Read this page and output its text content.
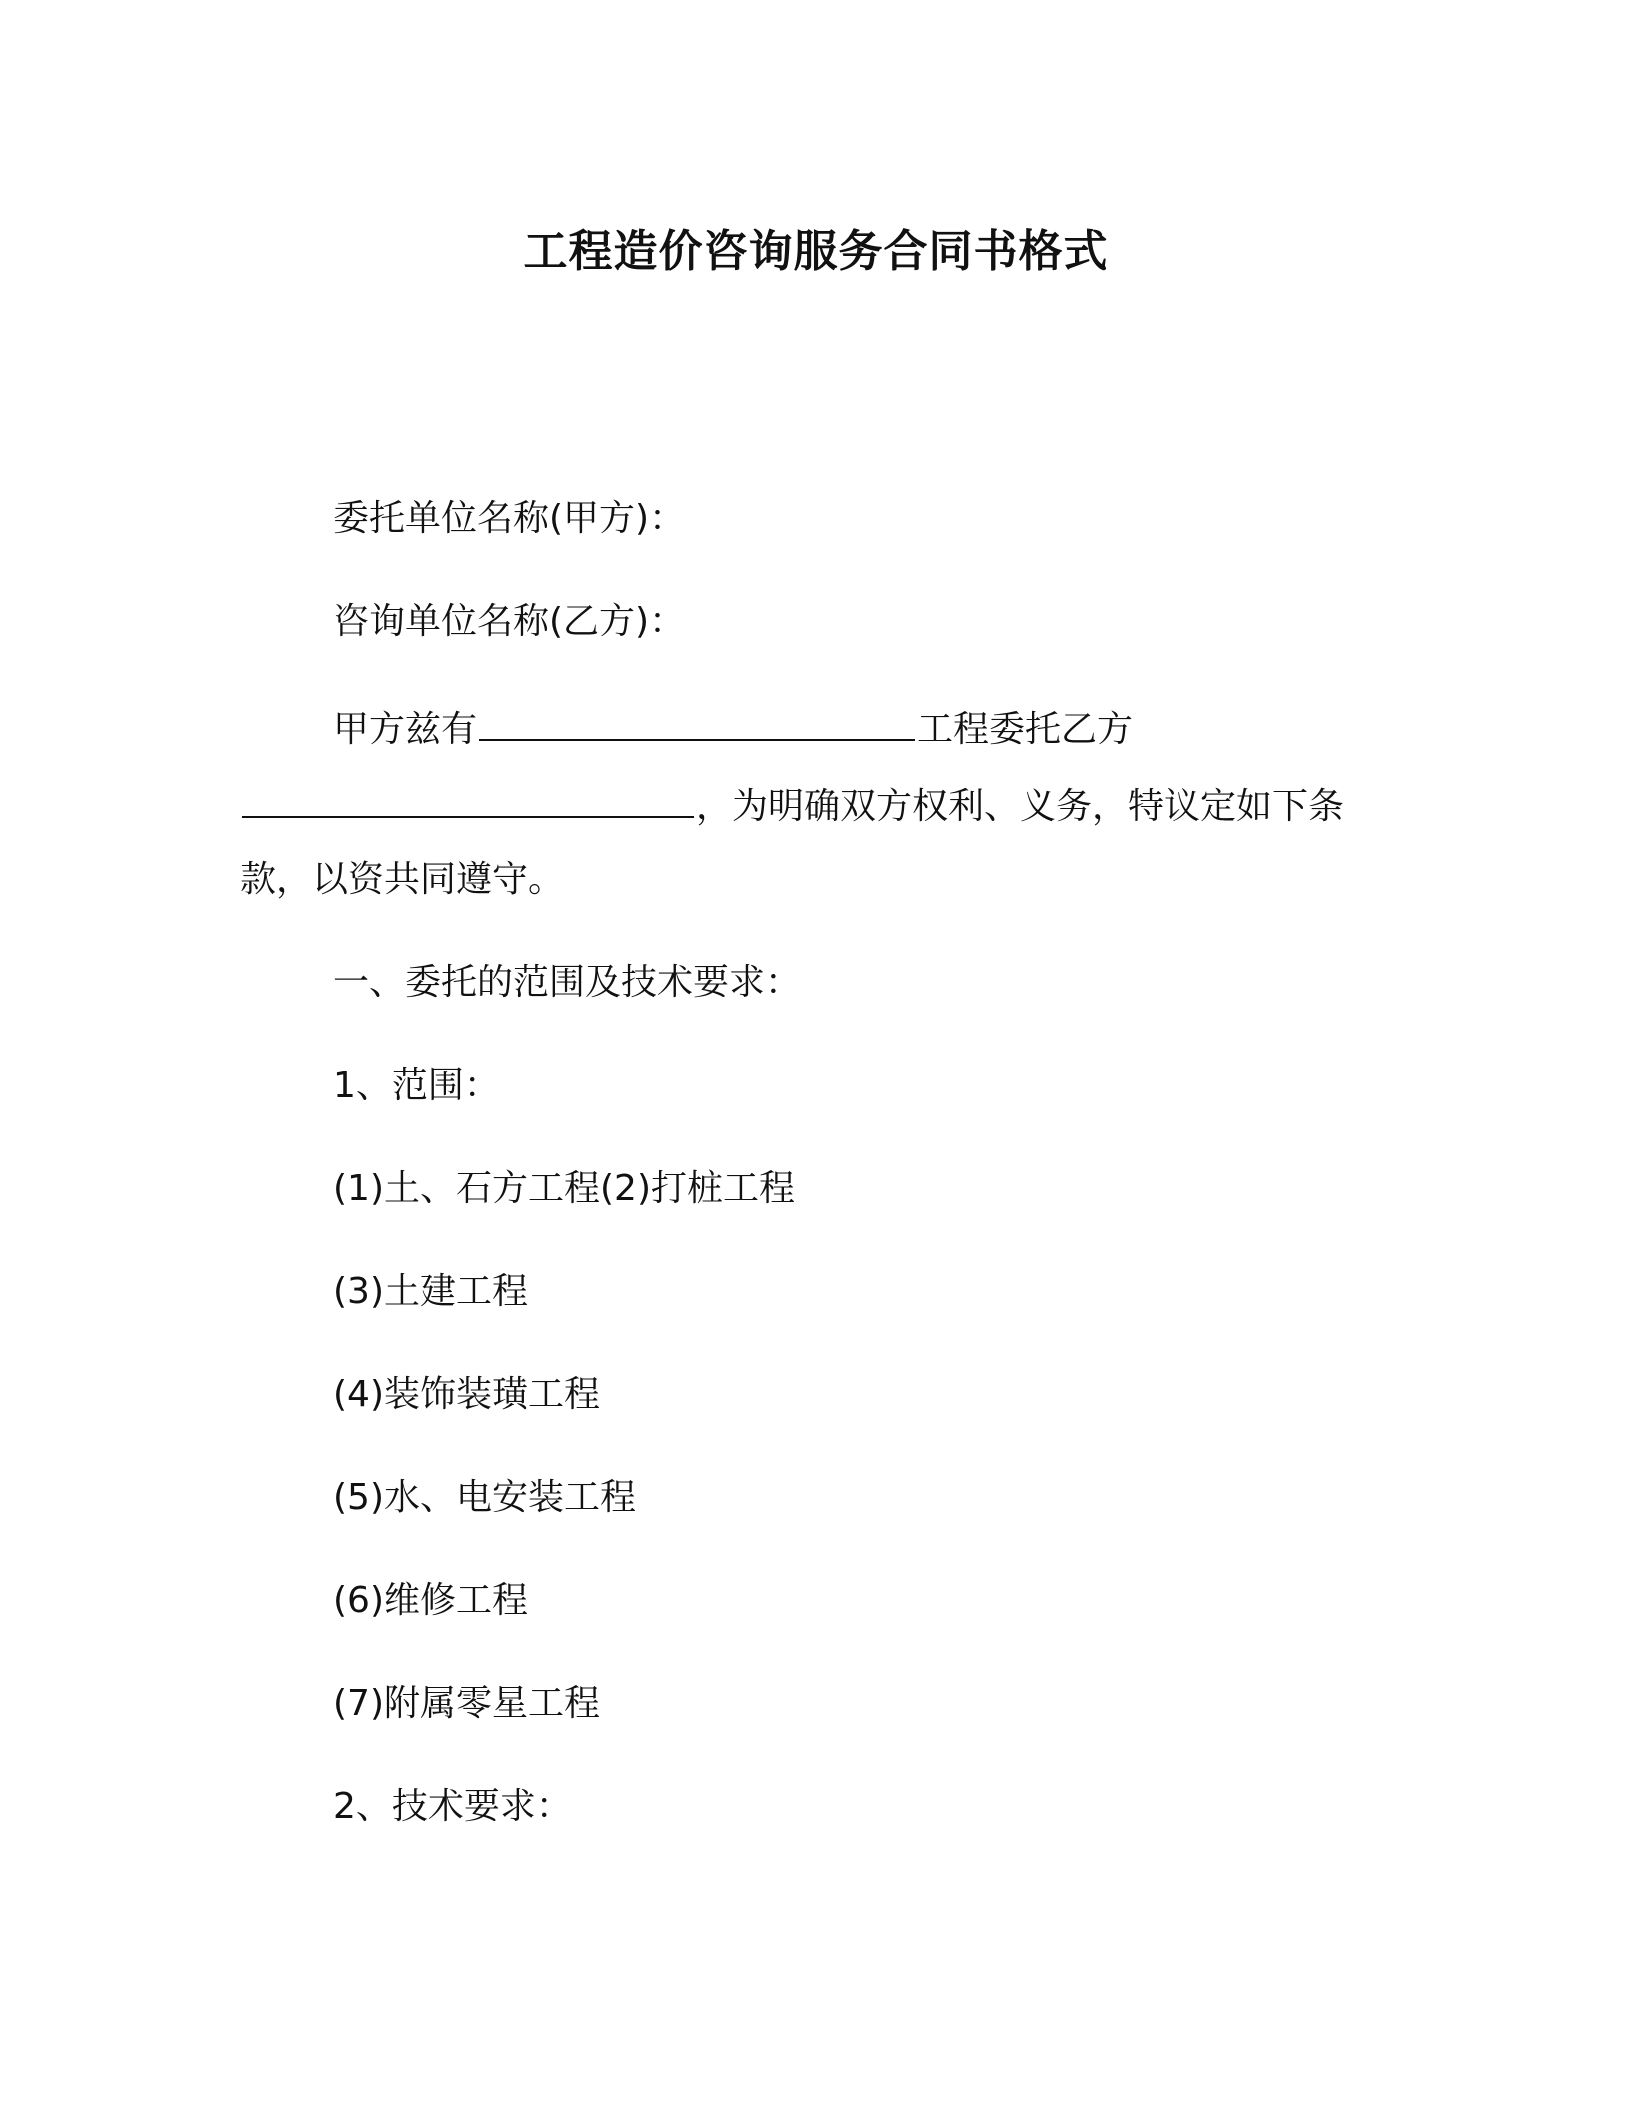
工程造价咨询服务合同书格式
委托单位名称(甲方)：
咨询单位名称(乙方)：
甲方兹有	工程委托乙方
，为明确双方权利、义务，特议定如下条
款，以资共同遵守。
一、委托的范围及技术要求：
1、范围：
(1)土、石方工程(2)打桩工程
(3)土建工程
(4)装饰装璜工程
(5)水、电安装工程
(6)维修工程
(7)附属零星工程
2、技术要求：
